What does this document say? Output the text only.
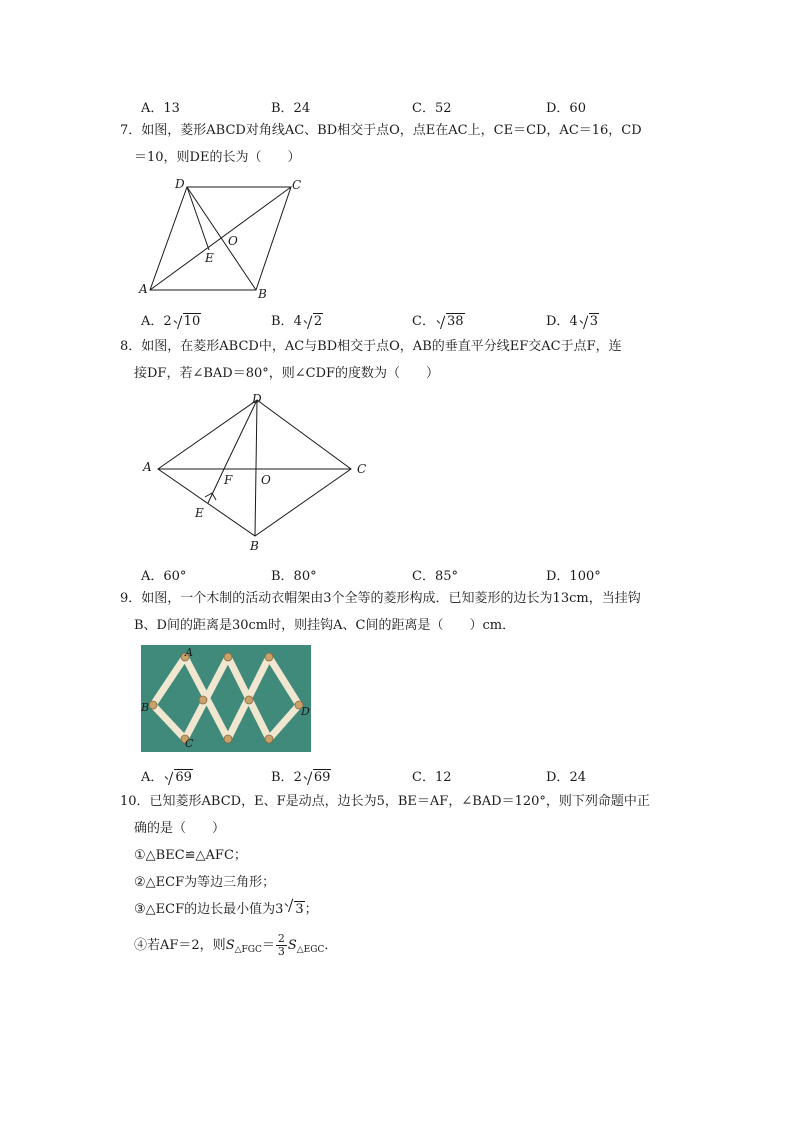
A．13	B．24	C．52	D．60
7．如图，菱形ABCD对角线AC、BD相交于点O，点E在AC上，CE＝CD，AC＝16，CD
＝10，则DE的长为（　　）
D	C
O
E
A	B
A．2 10	B．4 2	C． 38	D．4 3
8．如图，在菱形ABCD中，AC与BD相交于点O，AB的垂直平分线EF交AC于点F，连
接DF，若∠BAD＝80°，则∠CDF的度数为（　　）
D
A	C
F O
E
B
A．60°	B．80°	C．85°	D．100°
9．如图，一个木制的活动衣帽架由3个全等的菱形构成．已知菱形的边长为13cm，当挂钩
B、D间的距离是30cm时，则挂钩A、C间的距离是（　　）cm．
A
B
C
D
A． 69	B．2 69	C．12	D．24
10．已知菱形ABCD，E、F是动点，边长为5，BE＝AF，∠BAD＝120°，则下列命题中正
确的是（　　）
①△BEC≌△AFC；
②△ECF为等边三角形；
③△ECF的边长最小值为3 3；
④若AF＝2，则$S_{\triangle FGC}= \frac{2}{3} S_{\triangle EGC}$．
